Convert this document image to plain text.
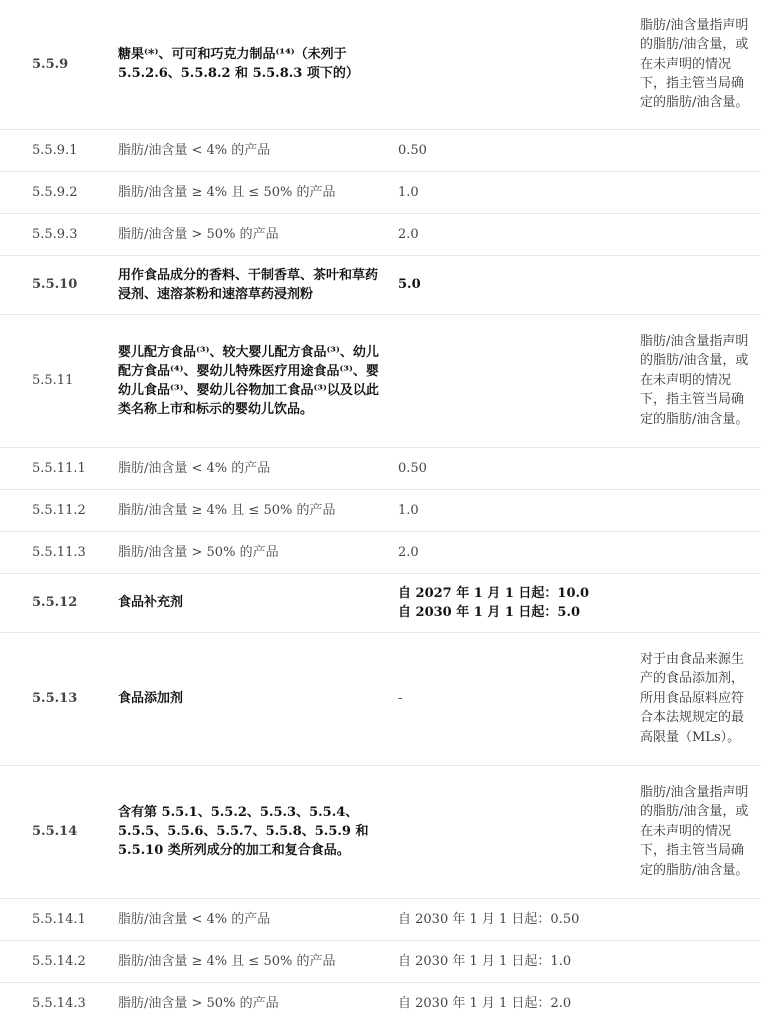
5.5.9	糖果⁽*⁾、可可和巧克力制品⁽¹⁴⁾（未列于 5.5.2.6、5.5.8.2 和 5.5.8.3 项下的）		脂肪/油含量指声明的脂肪/油含量，或在未声明的情况下，指主管当局确定的脂肪/油含量。
5.5.9.1	脂肪/油含量 < 4% 的产品	0.50	
5.5.9.2	脂肪/油含量 ≥ 4% 且 ≤ 50% 的产品	1.0	
5.5.9.3	脂肪/油含量 > 50% 的产品	2.0	
5.5.10	用作食品成分的香料、干制香草、茶叶和草药浸剂、速溶茶粉和速溶草药浸剂粉	5.0	
5.5.11	婴儿配方食品⁽³⁾、较大婴儿配方食品⁽³⁾、幼儿配方食品⁽⁴⁾、婴幼儿特殊医疗用途食品⁽³⁾、婴幼儿食品⁽³⁾、婴幼儿谷物加工食品⁽³⁾以及以此类名称上市和标示的婴幼儿饮品。		脂肪/油含量指声明的脂肪/油含量，或在未声明的情况下，指主管当局确定的脂肪/油含量。
5.5.11.1	脂肪/油含量 < 4% 的产品	0.50	
5.5.11.2	脂肪/油含量 ≥ 4% 且 ≤ 50% 的产品	1.0	
5.5.11.3	脂肪/油含量 > 50% 的产品	2.0	
5.5.12	食品补充剂	自 2027 年 1 月 1 日起：10.0
自 2030 年 1 月 1 日起：5.0	

5.5.13	食品添加剂	-	对于由食品来源生产的食品添加剂，所用食品原料应符合本法规规定的最高限量（MLs）。
5.5.14	含有第 5.5.1、5.5.2、5.5.3、5.5.4、5.5.5、5.5.6、5.5.7、5.5.8、5.5.9 和 5.5.10 类所列成分的加工和复合食品。		脂肪/油含量指声明的脂肪/油含量，或在未声明的情况下，指主管当局确定的脂肪/油含量。
5.5.14.1	脂肪/油含量 < 4% 的产品	自 2030 年 1 月 1 日起：0.50	
5.5.14.2	脂肪/油含量 ≥ 4% 且 ≤ 50% 的产品	自 2030 年 1 月 1 日起：1.0	
5.5.14.3	脂肪/油含量 > 50% 的产品	自 2030 年 1 月 1 日起：2.0	
